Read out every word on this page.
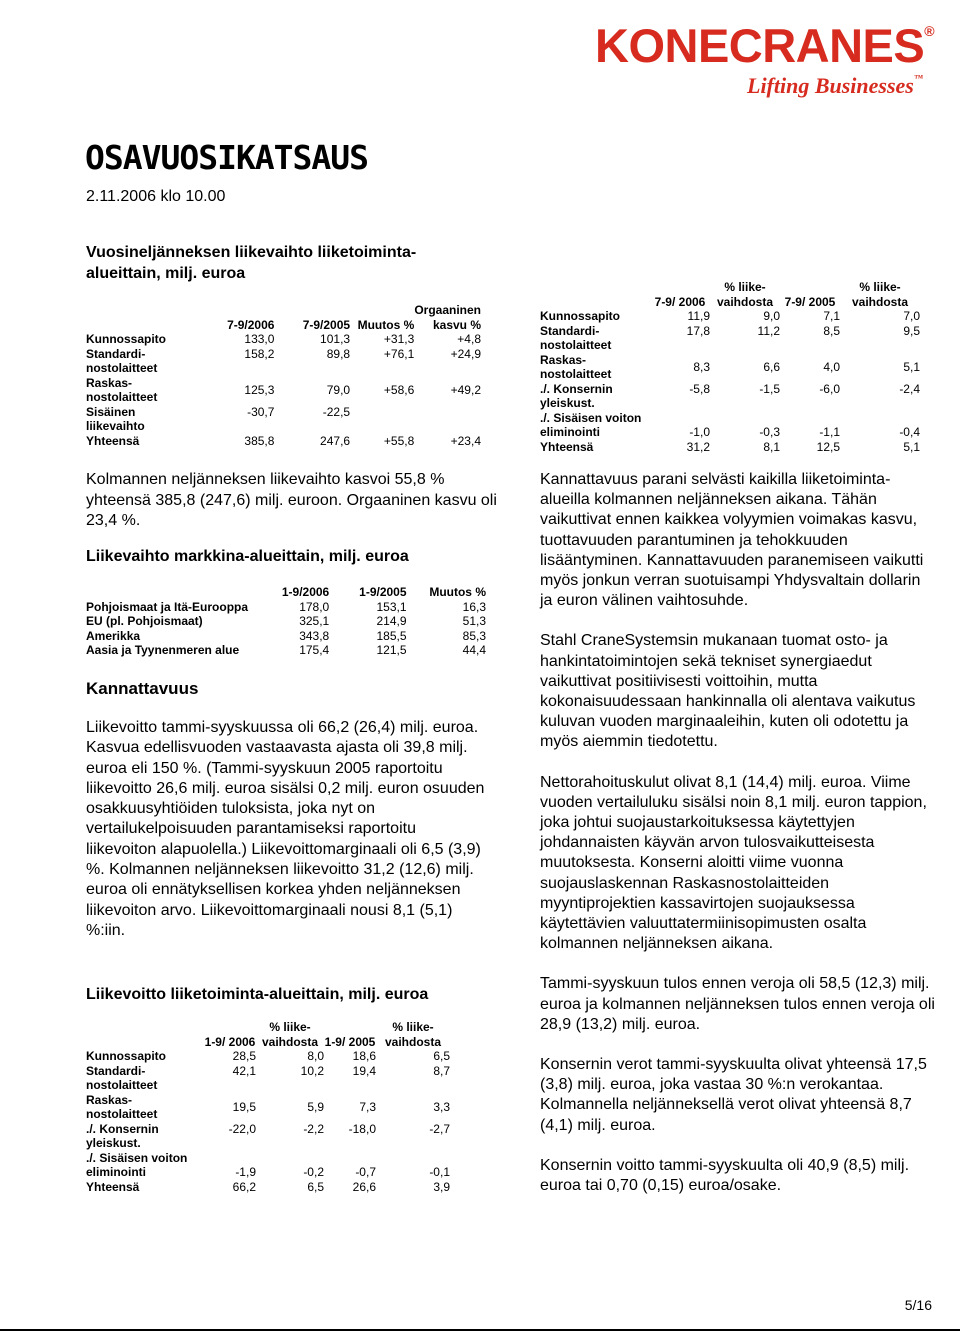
KONECRANES®
Lifting Businesses™
OSAVUOSIKATSAUS
2.11.2006 klo 10.00
Vuosineljänneksen liikevaihto liiketoiminta-alueittain, milj. euroa
	7-9/2006	7-9/2005	Muutos %	Orgaaninen kasvu %
Kunnossapito	133,0	101,3	+31,3	+4,8
Standardi-nostolaitteet	158,2	89,8	+76,1	+24,9
Raskas-nostolaitteet	125,3	79,0	+58,6	+49,2
Sisäinen liikevaihto	-30,7	-22,5		
Yhteensä	385,8	247,6	+55,8	+23,4
Kolmannen neljänneksen liikevaihto kasvoi 55,8 % yhteensä 385,8 (247,6) milj. euroon. Orgaaninen kasvu oli 23,4 %.
Liikevaihto markkina-alueittain, milj. euroa
	1-9/2006	1-9/2005	Muutos %
Pohjoismaat ja Itä-Eurooppa	178,0	153,1	16,3
EU (pl. Pohjoismaat)	325,1	214,9	51,3
Amerikka	343,8	185,5	85,3
Aasia ja Tyynenmeren alue	175,4	121,5	44,4
Kannattavuus
Liikevoitto tammi-syyskuussa oli 66,2 (26,4) milj. euroa. Kasvua edellisvuoden vastaavasta ajasta oli 39,8 milj. euroa eli 150 %. (Tammi-syyskuun 2005 raportoitu liikevoitto 26,6 milj. euroa sisälsi 0,2 milj. euron osuuden osakkuusyhtiöiden tuloksista, joka nyt on vertailukelpoisuuden parantamiseksi raportoitu liikevoiton alapuolella.) Liikevoittomarginaali oli 6,5 (3,9) %. Kolmannen neljänneksen liikevoitto 31,2 (12,6) milj. euroa oli ennätyksellisen korkea yhden neljänneksen liikevoiton arvo. Liikevoittomarginaali nousi 8,1 (5,1) %:iin.
Liikevoitto liiketoiminta-alueittain, milj. euroa
	1-9/ 2006	% liike-vaihdosta	1-9/ 2005	% liike-vaihdosta
Kunnossapito	28,5	8,0	18,6	6,5
Standardi-nostolaitteet	42,1	10,2	19,4	8,7
Raskas-nostolaitteet	19,5	5,9	7,3	3,3
./. Konsernin yleiskust.	-22,0	-2,2	-18,0	-2,7
./. Sisäisen voiton eliminointi	-1,9	-0,2	-0,7	-0,1
Yhteensä	66,2	6,5	26,6	3,9
	7-9/ 2006	% liike-vaihdosta	7-9/ 2005	% liike-vaihdosta
Kunnossapito	11,9	9,0	7,1	7,0
Standardi-nostolaitteet	17,8	11,2	8,5	9,5
Raskas-nostolaitteet	8,3	6,6	4,0	5,1
./. Konsernin yleiskust.	-5,8	-1,5	-6,0	-2,4
./. Sisäisen voiton eliminointi	-1,0	-0,3	-1,1	-0,4
Yhteensä	31,2	8,1	12,5	5,1

Kannattavuus parani selvästi kaikilla liiketoiminta-alueilla kolmannen neljänneksen aikana. Tähän vaikuttivat ennen kaikkea volyymien voimakas kasvu, tuottavuuden parantuminen ja tehokkuuden lisääntyminen. Kannattavuuden paranemiseen vaikutti myös jonkun verran suotuisampi Yhdysvaltain dollarin ja euron välinen vaihtosuhde.

Stahl CraneSystemsin mukanaan tuomat osto- ja hankintatoimintojen sekä tekniset synergiaedut vaikuttivat positiivisesti voittoihin, mutta kokonaisuudessaan hankinnalla oli alentava vaikutus kuluvan vuoden marginaaleihin, kuten oli odotettu ja myös aiemmin tiedotettu.

Nettorahoituskulut olivat 8,1 (14,4) milj. euroa. Viime vuoden vertailuluku sisälsi noin 8,1 milj. euron tappion, joka johtui suojaustarkoituksessa käytettyjen johdannaisten käyvän arvon tulosvaikutteisesta muutoksesta. Konserni aloitti viime vuonna suojauslaskennan Raskasnostolaitteiden myyntiprojektien kassavirtojen suojauksessa käytettävien valuuttatermiinisopimusten osalta kolmannen neljänneksen aikana.

Tammi-syyskuun tulos ennen veroja oli 58,5 (12,3) milj. euroa ja kolmannen neljänneksen tulos ennen veroja oli 28,9 (13,2) milj. euroa.

Konsernin verot tammi-syyskuulta olivat yhteensä 17,5 (3,8) milj. euroa, joka vastaa 30 %:n verokantaa. Kolmannella neljänneksellä verot olivat yhteensä 8,7 (4,1) milj. euroa.

Konsernin voitto tammi-syyskuulta oli 40,9 (8,5) milj. euroa tai 0,70 (0,15) euroa/osake.

5/16
